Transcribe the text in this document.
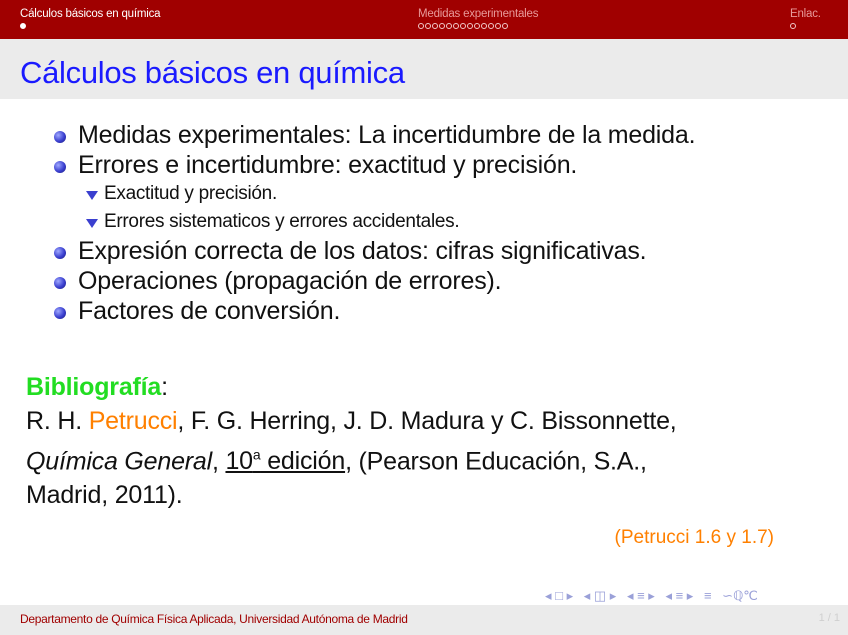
Cálculos básicos en química	Medidas experimentales	Enlac.
Cálculos básicos en química
Medidas experimentales: La incertidumbre de la medida.
Errores e incertidumbre: exactitud y precisión.
Exactitud y precisión.
Errores sistematicos y errores accidentales.
Expresión correcta de los datos: cifras significativas.
Operaciones (propagación de errores).
Factores de conversión.
Bibliografía:
R. H. Petrucci, F. G. Herring, J. D. Madura y C. Bissonnette,
Química General, 10$^a$ edición, (Pearson Educación, S.A.,
Madrid, 2011).
(Petrucci 1.6 y 1.7)
◂ □ ▸ ◂ ◫ ▸ ◂ ≡ ▸ ◂ ≡ ▸ ≡ ∽ℚ℃
Departamento de Química Física Aplicada, Universidad Autónoma de Madrid	1 / 1
